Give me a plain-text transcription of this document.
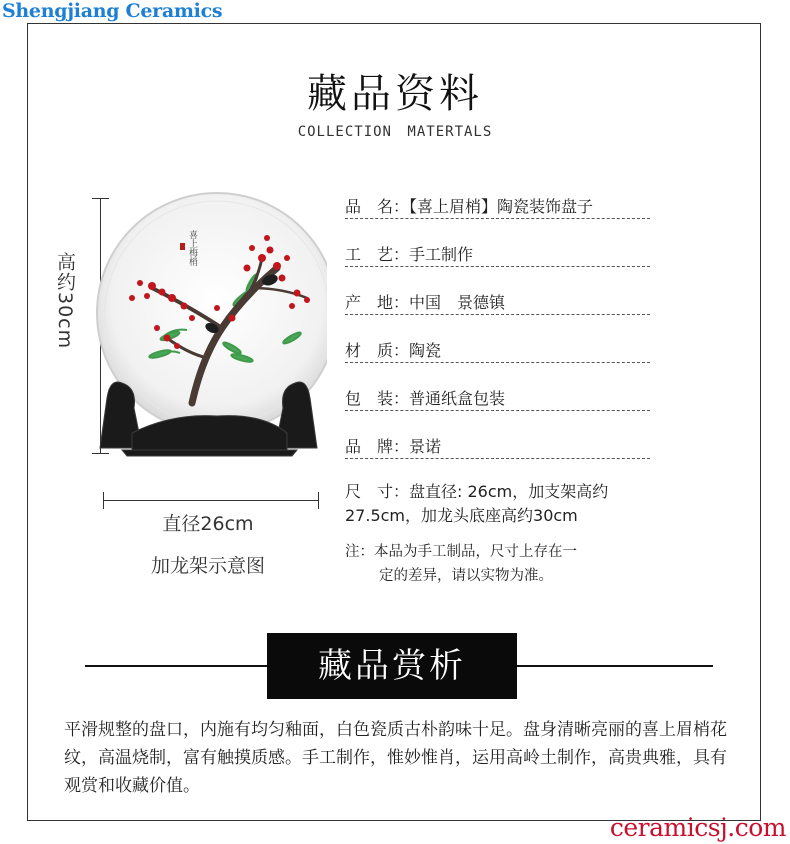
Shengjiang Ceramics
藏品资料
COLLECTION MATERTALS
高约30cm
喜上梅梢
直径26cm
加龙架示意图
品　名：【喜上眉梢】陶瓷装饰盘子
工　艺：手工制作
产　地：中国　景德镇
材　质：陶瓷
包　装：普通纸盒包装
品　牌：景诺
尺　寸：盘直径: 26cm，加支架高约
27.5cm，加龙头底座高约30cm
注：本品为手工制品，尺寸上存在一
定的差异，请以实物为准。
藏品赏析
平滑规整的盘口，内施有均匀釉面，白色瓷质古朴韵味十足。盘身清晰亮丽的喜上眉梢花纹，高温烧制，富有触摸质感。手工制作，惟妙惟肖，运用高岭土制作，高贵典雅，具有观赏和收藏价值。
ceramicsj.com
